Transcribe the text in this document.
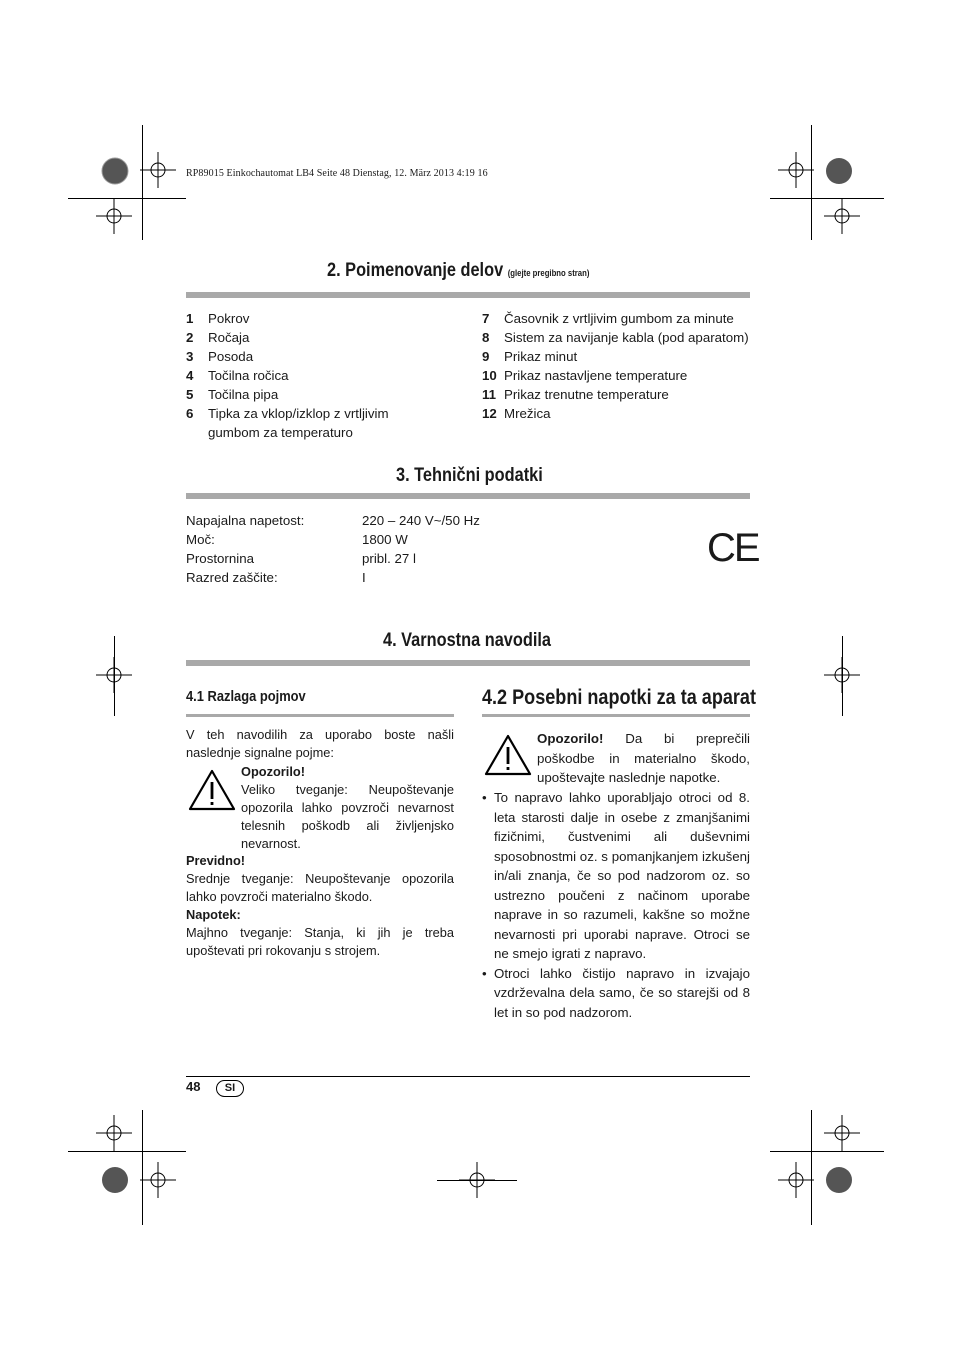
RP89015 Einkochautomat LB4 Seite 48 Dienstag, 12. März 2013 4:19 16
2. Poimenovanje delov (glejte pregibno stran)
1	Pokrov
2	Ročaja
3	Posoda
4	Točilna ročica
5	Točilna pipa
6	Tipka za vklop/izklop z vrtljivim gumbom za temperaturo
7	Časovnik z vrtljivim gumbom za minute
8	Sistem za navijanje kabla (pod aparatom)
9	Prikaz minut
10 Prikaz nastavljene temperature
11 Prikaz trenutne temperature
12 Mrežica
3. Tehnični podatki
Napajalna napetost:	220 – 240 V~/50 Hz
Moč:	1800 W
Prostornina	pribl. 27 l
Razred zaščite:	I
CE
4. Varnostna navodila
4.1 Razlaga pojmov
V teh navodilih za uporabo boste našli naslednje signalne pojme:
Opozorilo!
Veliko tveganje: Neupoštevanje opozorila lahko povzroči nevarnost telesnih poškodb ali življenjsko nevarnost.
Previdno!
Srednje tveganje: Neupoštevanje opozorila lahko povzroči materialno škodo.
Napotek:
Majhno tveganje: Stanja, ki jih je treba upoštevati pri rokovanju s strojem.
4.2 Posebni napotki za ta aparat
Opozorilo! Da bi preprečili poškodbe in materialno škodo, upoštevajte naslednje napotke.
• To napravo lahko uporabljajo otroci od 8. leta starosti dalje in osebe z zmanjšanimi fizičnimi, čustvenimi ali duševnimi sposobnostmi oz. s pomanjkanjem izkušenj in/ali znanja, če so pod nadzorom oz. so ustrezno poučeni z načinom uporabe naprave in so razumeli, kakšne so možne nevarnosti pri uporabi naprave. Otroci se ne smejo igrati z napravo.
• Otroci lahko čistijo napravo in izvajajo vzdrževalna dela samo, če so starejši od 8 let in so pod nadzorom.
48	SI
